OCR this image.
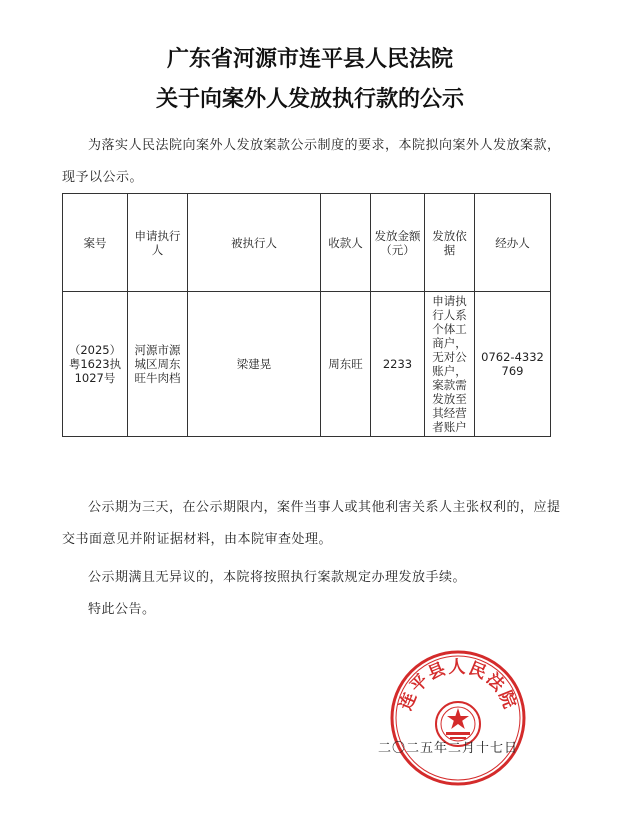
广东省河源市连平县人民法院
关于向案外人发放执行款的公示

为落实人民法院向案外人发放案款公示制度的要求，本院拟向案外人发放案款，现予以公示。

案号	申请执行人	被执行人	收款人	发放金额（元）	发放依据	经办人
（2025）粤1623执1027号	河源市源城区周东旺牛肉档	梁建晃	周东旺	2233	申请执行人系个体工商户，无对公账户，案款需发放至其经营者账户	0762-4332769

公示期为三天，在公示期限内，案件当事人或其他利害关系人主张权利的，应提交书面意见并附证据材料，由本院审查处理。

公示期满且无异议的，本院将按照执行案款规定办理发放手续。

特此公告。

连平县人民法院
二〇二五年二月十七日
